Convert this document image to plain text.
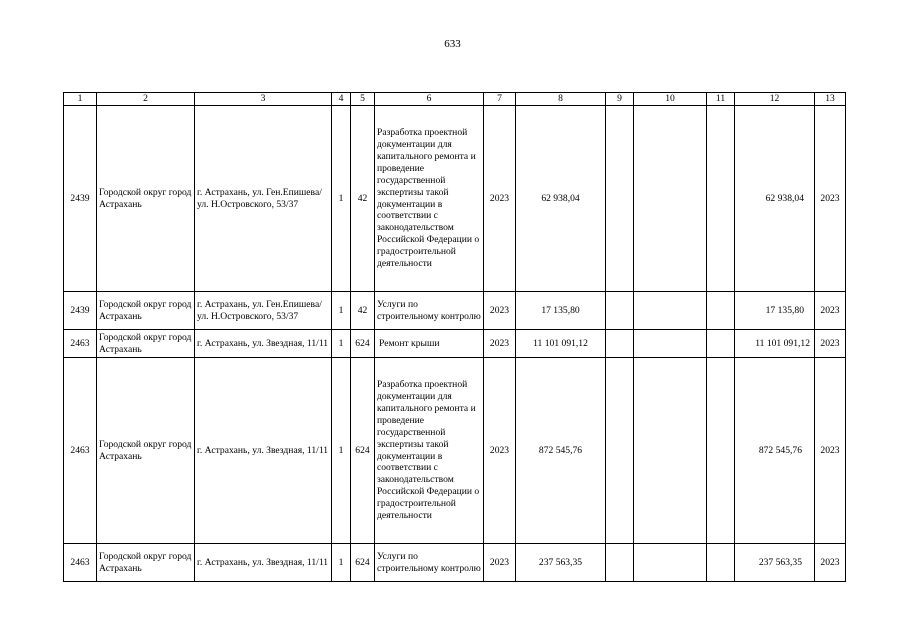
633
1	2	3	4	5	6	7	8	9	10	11	12	13
2439	Городской округ город Астрахань	г. Астрахань, ул. Ген.Епишева/ ул. Н.Островского, 53/37	1	42	Разработка проектной документации для капитального ремонта и проведение государственной экспертизы такой документации в соответствии с законодательством Российской Федерации о градостроительной деятельности	2023	62 938,04				62 938,04	2023
2439	Городской округ город Астрахань	г. Астрахань, ул. Ген.Епишева/ ул. Н.Островского, 53/37	1	42	Услуги по строительному контролю	2023	17 135,80				17 135,80	2023
2463	Городской округ город Астрахань	г. Астрахань, ул. Звездная, 11/11	1	624	Ремонт крыши	2023	11 101 091,12				11 101 091,12	2023
2463	Городской округ город Астрахань	г. Астрахань, ул. Звездная, 11/11	1	624	Разработка проектной документации для капитального ремонта и проведение государственной экспертизы такой документации в соответствии с законодательством Российской Федерации о градостроительной деятельности	2023	872 545,76				872 545,76	2023
2463	Городской округ город Астрахань	г. Астрахань, ул. Звездная, 11/11	1	624	Услуги по строительному контролю	2023	237 563,35				237 563,35	2023
